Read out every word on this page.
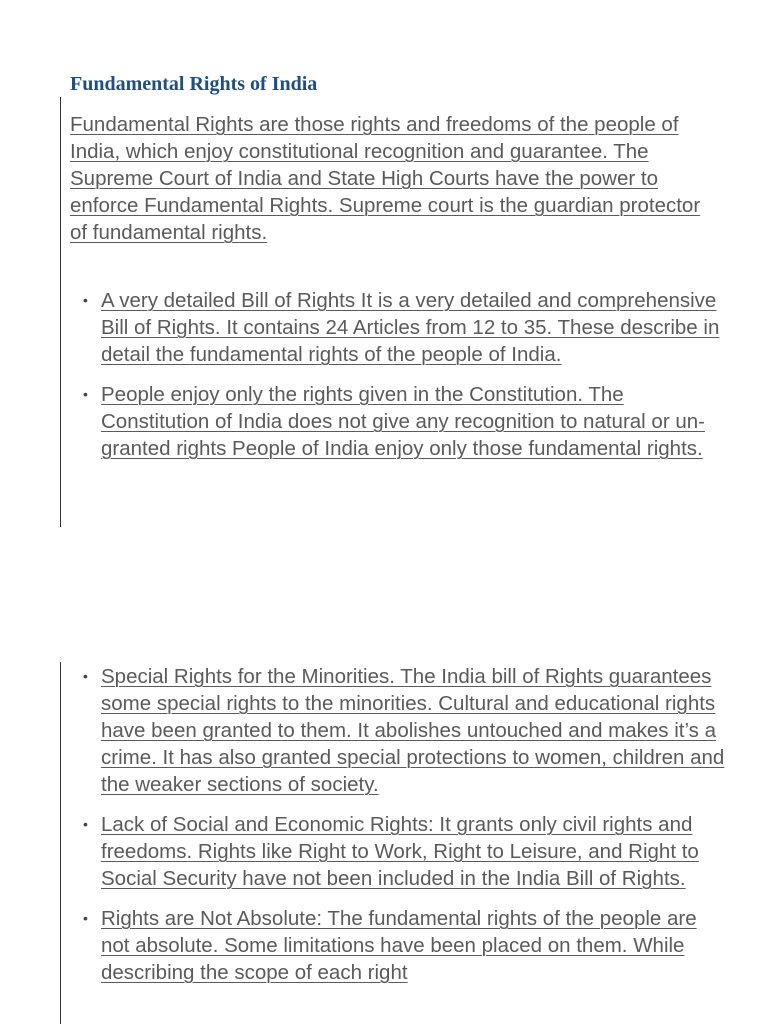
Fundamental Rights of India

Fundamental Rights are those rights and freedoms of the people of India, which enjoy constitutional recognition and guarantee. The Supreme Court of India and State High Courts have the power to enforce Fundamental Rights. Supreme court is the guardian protector of fundamental rights.

• A very detailed Bill of Rights It is a very detailed and comprehensive Bill of Rights. It contains 24 Articles from 12 to 35. These describe in detail the fundamental rights of the people of India.
• People enjoy only the rights given in the Constitution. The Constitution of India does not give any recognition to natural or un-granted rights People of India enjoy only those fundamental rights.
• Special Rights for the Minorities. The India bill of Rights guarantees some special rights to the minorities. Cultural and educational rights have been granted to them. It abolishes untouched and makes it’s a crime. It has also granted special protections to women, children and the weaker sections of society.
• Lack of Social and Economic Rights: It grants only civil rights and freedoms. Rights like Right to Work, Right to Leisure, and Right to Social Security have not been included in the India Bill of Rights.
• Rights are Not Absolute: The fundamental rights of the people are not absolute. Some limitations have been placed on them. While describing the scope of each right
